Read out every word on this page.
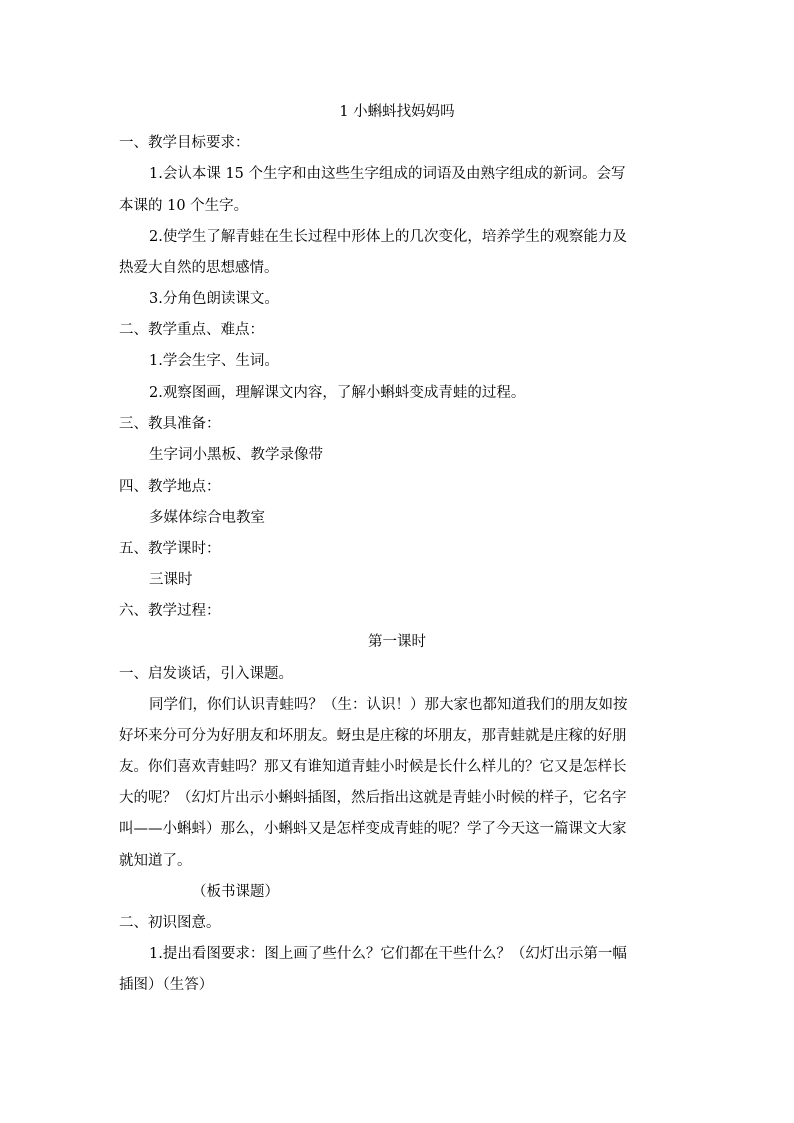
1 小蝌蚪找妈妈吗
一、教学目标要求：
1.会认本课 15 个生字和由这些生字组成的词语及由熟字组成的新词。会写
本课的 10 个生字。
2.使学生了解青蛙在生长过程中形体上的几次变化，培养学生的观察能力及
热爱大自然的思想感情。
3.分角色朗读课文。
二、教学重点、难点：
1.学会生字、生词。
2.观察图画，理解课文内容，了解小蝌蚪变成青蛙的过程。
三、教具准备：
生字词小黑板、教学录像带
四、教学地点：
多媒体综合电教室
五、教学课时：
三课时
六、教学过程：
第一课时
一、启发谈话，引入课题。
同学们，你们认识青蛙吗？（生：认识！）那大家也都知道我们的朋友如按
好坏来分可分为好朋友和坏朋友。蚜虫是庄稼的坏朋友，那青蛙就是庄稼的好朋
友。你们喜欢青蛙吗？那又有谁知道青蛙小时候是长什么样儿的？它又是怎样长
大的呢？（幻灯片出示小蝌蚪插图，然后指出这就是青蛙小时候的样子，它名字
叫——小蝌蚪）那么，小蝌蚪又是怎样变成青蛙的呢？学了今天这一篇课文大家
就知道了。
（板书课题）
二、初识图意。
1.提出看图要求：图上画了些什么？它们都在干些什么？（幻灯出示第一幅
插图）（生答）
